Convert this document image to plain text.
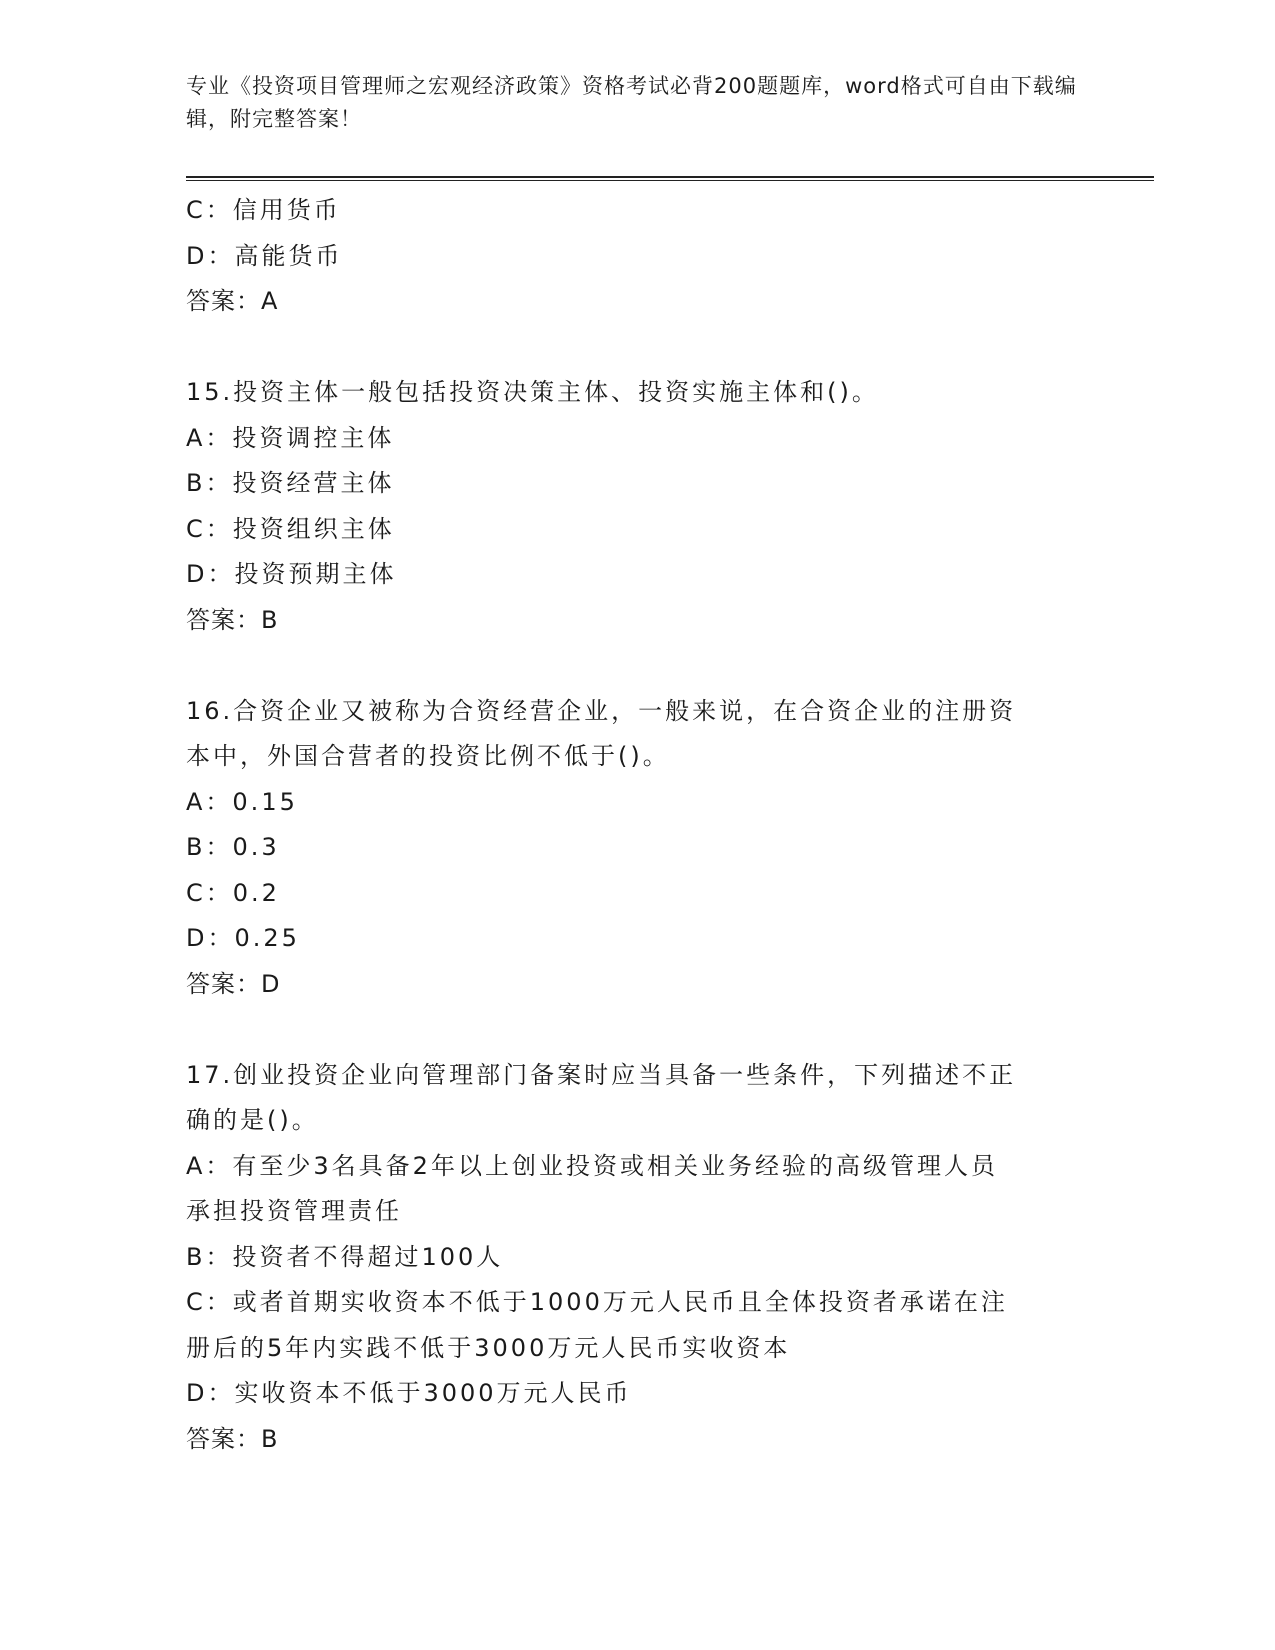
专业《投资项目管理师之宏观经济政策》资格考试必背200题题库，word格式可自由下载编辑，附完整答案！
C：信用货币
D：高能货币
答案：A
15.投资主体一般包括投资决策主体、投资实施主体和()。
A：投资调控主体
B：投资经营主体
C：投资组织主体
D：投资预期主体
答案：B
16.合资企业又被称为合资经营企业，一般来说，在合资企业的注册资
本中，外国合营者的投资比例不低于()。
A：0.15
B：0.3
C：0.2
D：0.25
答案：D
17.创业投资企业向管理部门备案时应当具备一些条件，下列描述不正
确的是()。
A：有至少3名具备2年以上创业投资或相关业务经验的高级管理人员
承担投资管理责任
B：投资者不得超过100人
C：或者首期实收资本不低于1000万元人民币且全体投资者承诺在注
册后的5年内实践不低于3000万元人民币实收资本
D：实收资本不低于3000万元人民币
答案：B
